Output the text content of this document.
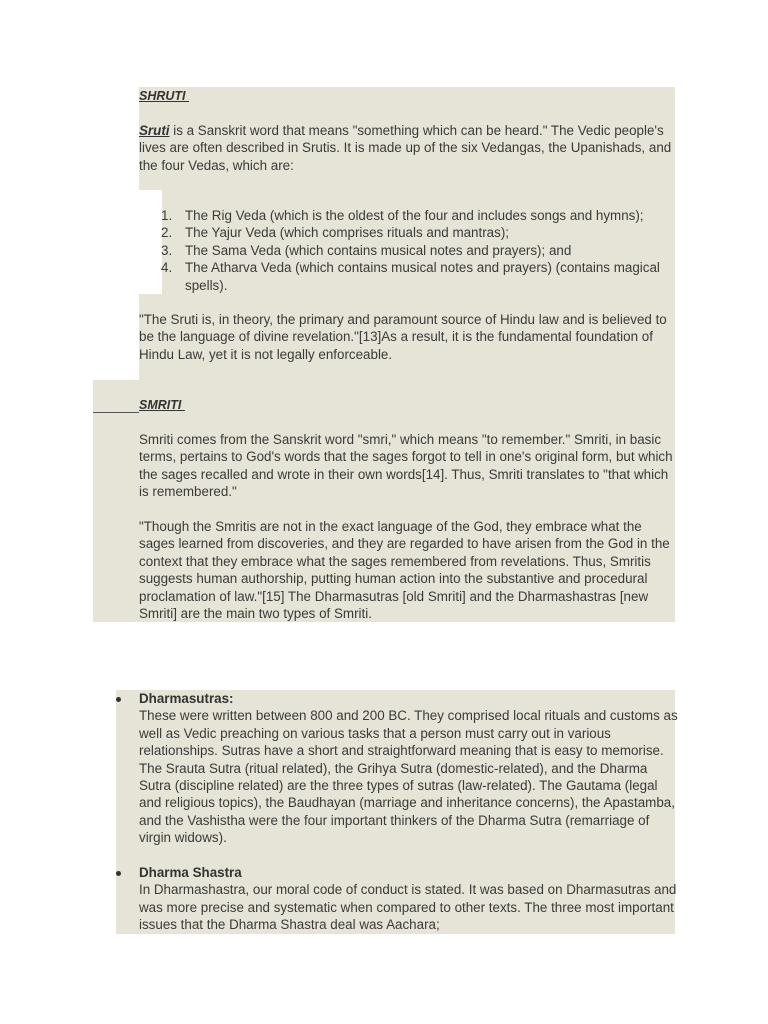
SHRUTI

Sruti is a Sanskrit word that means "something which can be heard." The Vedic people's lives are often described in Srutis. It is made up of the six Vedangas, the Upanishads, and the four Vedas, which are:

1. The Rig Veda (which is the oldest of the four and includes songs and hymns);
2. The Yajur Veda (which comprises rituals and mantras);
3. The Sama Veda (which contains musical notes and prayers); and
4. The Atharva Veda (which contains musical notes and prayers) (contains magical spells).

"The Sruti is, in theory, the primary and paramount source of Hindu law and is believed to be the language of divine revelation."[13]As a result, it is the fundamental foundation of Hindu Law, yet it is not legally enforceable.

SMRITI

Smriti comes from the Sanskrit word "smri," which means "to remember." Smriti, in basic terms, pertains to God's words that the sages forgot to tell in one's original form, but which the sages recalled and wrote in their own words[14]. Thus, Smriti translates to "that which is remembered."

"Though the Smritis are not in the exact language of the God, they embrace what the sages learned from discoveries, and they are regarded to have arisen from the God in the context that they embrace what the sages remembered from revelations. Thus, Smritis suggests human authorship, putting human action into the substantive and procedural proclamation of law."[15] The Dharmasutras [old Smriti] and the Dharmashastras [new Smriti] are the main two types of Smriti.

Dharmasutras:
These were written between 800 and 200 BC. They comprised local rituals and customs as well as Vedic preaching on various tasks that a person must carry out in various relationships. Sutras have a short and straightforward meaning that is easy to memorise. The Srauta Sutra (ritual related), the Grihya Sutra (domestic-related), and the Dharma Sutra (discipline related) are the three types of sutras (law-related). The Gautama (legal and religious topics), the Baudhayan (marriage and inheritance concerns), the Apastamba, and the Vashistha were the four important thinkers of the Dharma Sutra (remarriage of virgin widows).
Dharma Shastra
In Dharmashastra, our moral code of conduct is stated. It was based on Dharmasutras and was more precise and systematic when compared to other texts. The three most important issues that the Dharma Shastra deal was Aachara;
